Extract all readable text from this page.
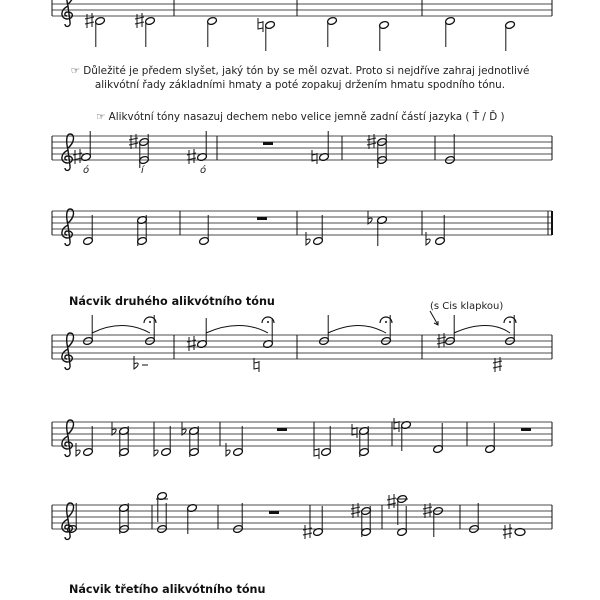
☞ Důležité je předem slyšet, jaký tón by se měl ozvat. Proto si nejdříve zahraj jednotlivé
alikvótní řady základními hmaty a poté zopakuj držením hmatu spodního tónu.
☞ Alikvótní tóny nasazuj dechem nebo velice jemně zadní částí jazyka ( Ť / Ď )
ó	í	ó
Nácvik druhého alikvótního tónu
Nácvik třetího alikvótního tónu
(s Cis klapkou)
